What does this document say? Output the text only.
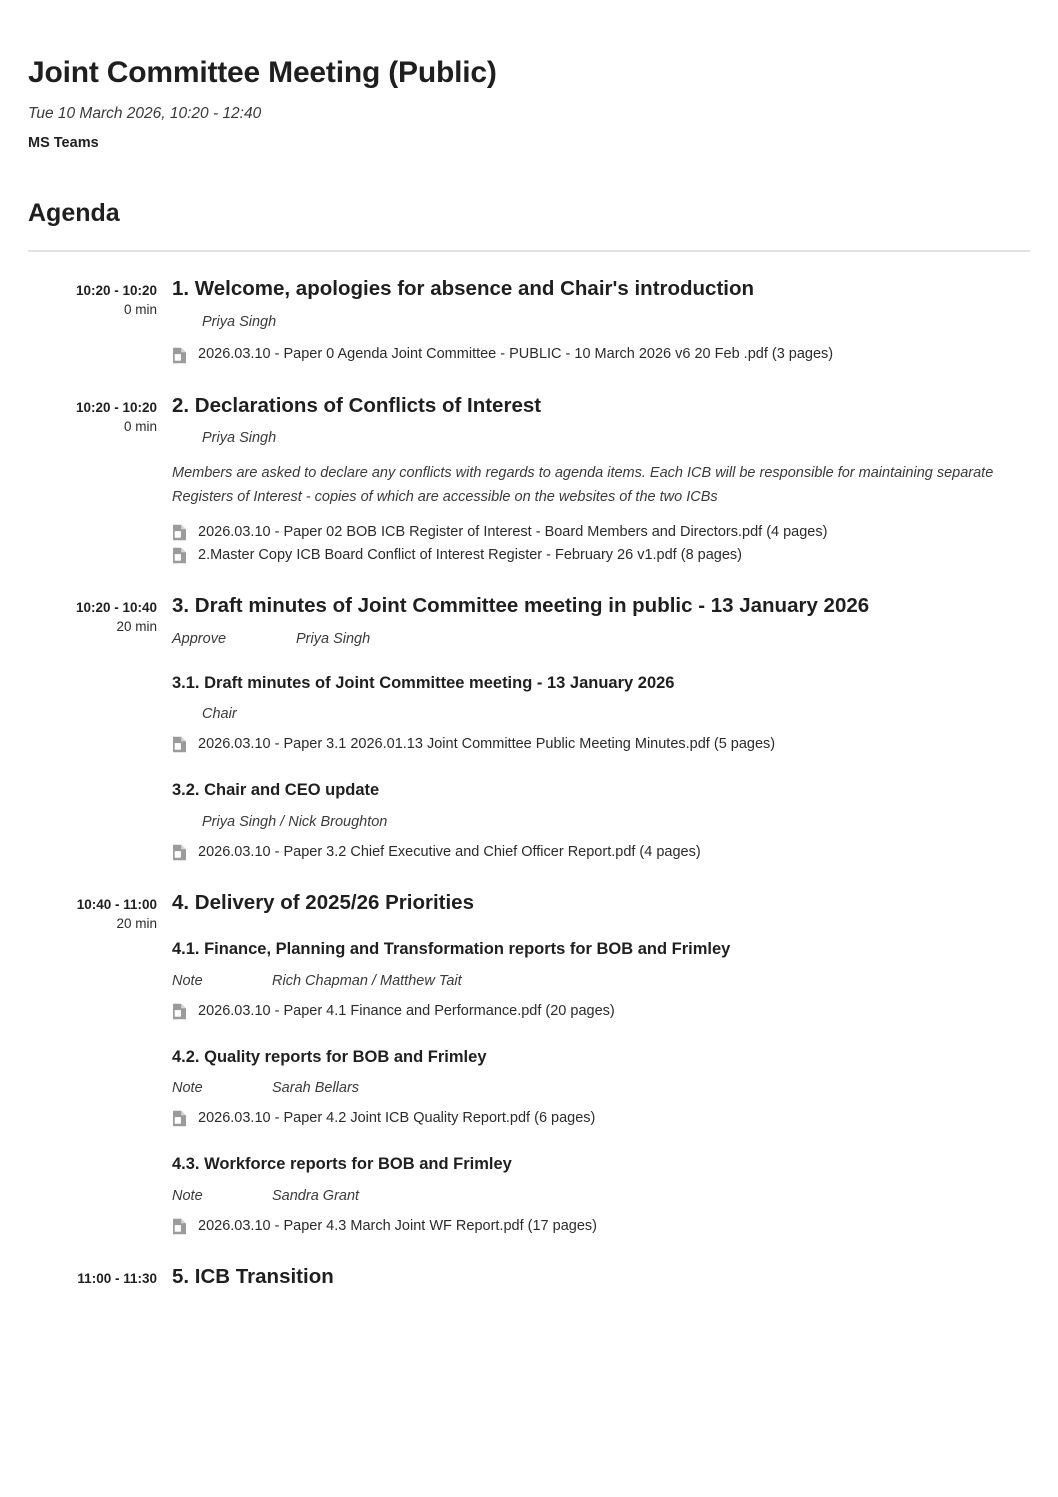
Joint Committee Meeting (Public)
Tue 10 March 2026, 10:20 - 12:40
MS Teams
Agenda
10:20 - 10:20
0 min
1. Welcome, apologies for absence and Chair's introduction
Priya Singh
2026.03.10 - Paper 0 Agenda Joint Committee - PUBLIC - 10 March 2026 v6 20 Feb .pdf (3 pages)
10:20 - 10:20
0 min
2. Declarations of Conflicts of Interest
Priya Singh
Members are asked to declare any conflicts with regards to agenda items. Each ICB will be responsible for maintaining separate Registers of Interest - copies of which are accessible on the websites of the two ICBs
2026.03.10 - Paper 02 BOB ICB Register of Interest - Board Members and Directors.pdf (4 pages)
2.Master Copy ICB Board Conflict of Interest Register - February 26 v1.pdf (8 pages)
10:20 - 10:40
20 min
3. Draft minutes of Joint Committee meeting in public - 13 January 2026
Approve	Priya Singh
3.1. Draft minutes of Joint Committee meeting - 13 January 2026
Chair
2026.03.10 - Paper 3.1 2026.01.13 Joint Committee Public Meeting Minutes.pdf (5 pages)
3.2. Chair and CEO update
Priya Singh / Nick Broughton
2026.03.10 - Paper 3.2 Chief Executive and Chief Officer Report.pdf (4 pages)
10:40 - 11:00
20 min
4. Delivery of 2025/26 Priorities
4.1. Finance, Planning and Transformation reports for BOB and Frimley
Note	Rich Chapman / Matthew Tait
2026.03.10 - Paper 4.1 Finance and Performance.pdf (20 pages)
4.2. Quality reports for BOB and Frimley
Note	Sarah Bellars
2026.03.10 - Paper 4.2 Joint ICB Quality Report.pdf (6 pages)
4.3. Workforce reports for BOB and Frimley
Note	Sandra Grant
2026.03.10 - Paper 4.3 March Joint WF Report.pdf (17 pages)
11:00 - 11:30 5. ICB Transition
